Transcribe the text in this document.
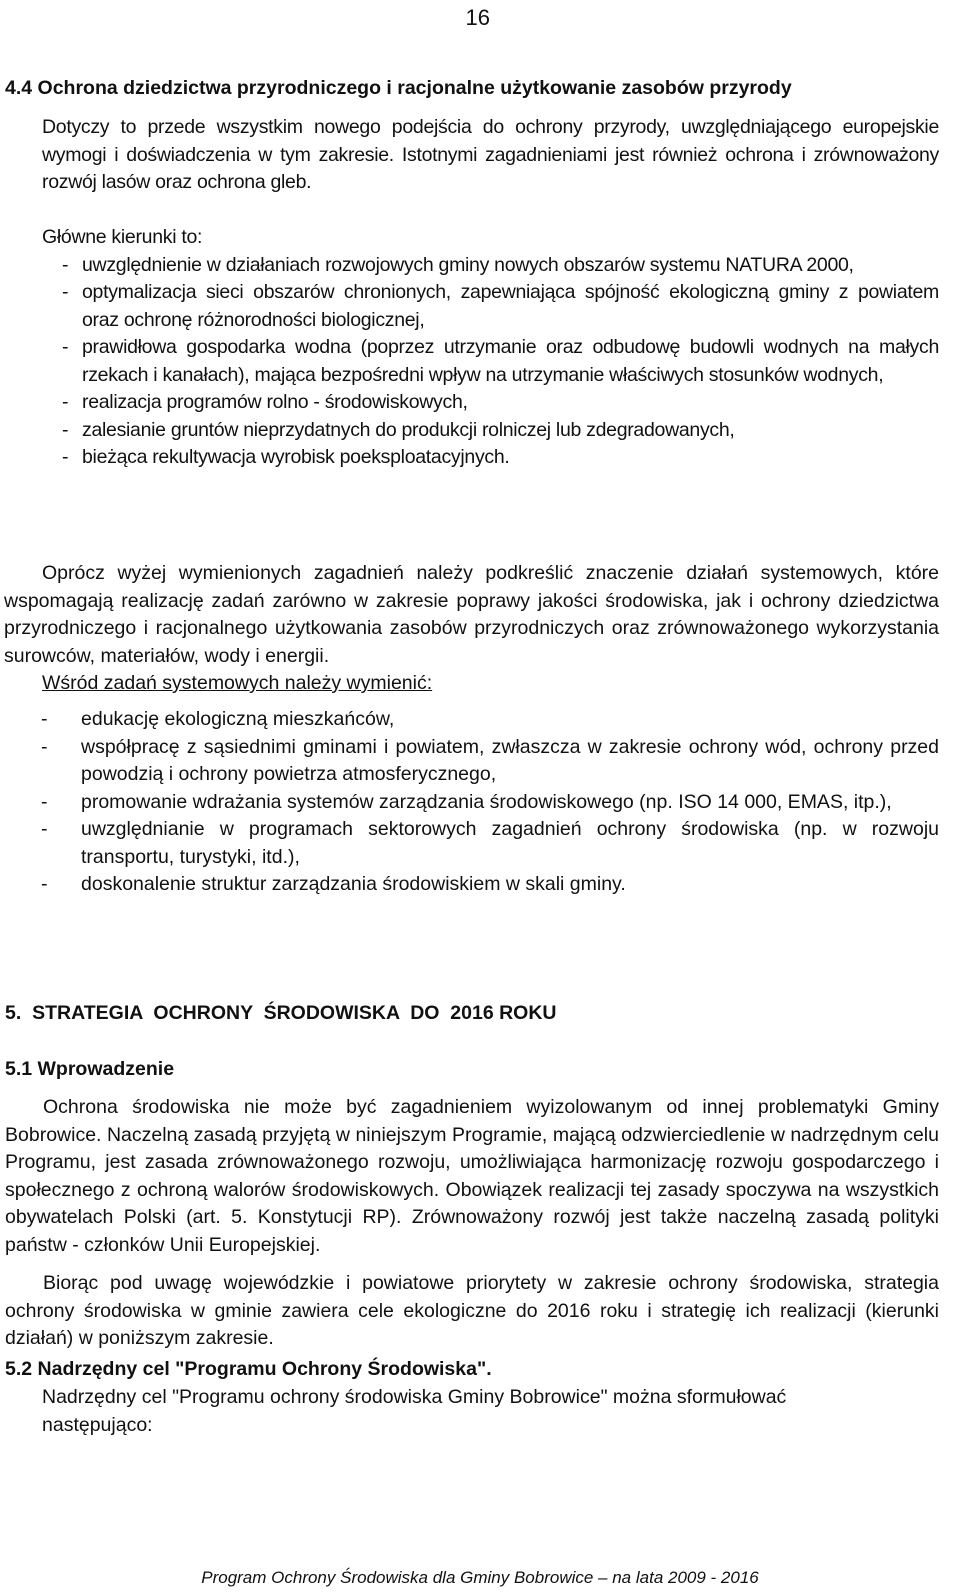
16
4.4 Ochrona dziedzictwa przyrodniczego i racjonalne użytkowanie zasobów przyrody
Dotyczy to przede wszystkim nowego podejścia do ochrony przyrody, uwzględniającego europejskie wymogi i doświadczenia w tym zakresie. Istotnymi zagadnieniami jest również ochrona i zrównoważony rozwój lasów oraz ochrona gleb.
Główne kierunki to:
- uwzględnienie w działaniach rozwojowych gminy nowych obszarów systemu NATURA 2000,
- optymalizacja sieci obszarów chronionych, zapewniająca spójność ekologiczną gminy z powiatem oraz ochronę różnorodności biologicznej,
- prawidłowa gospodarka wodna (poprzez utrzymanie oraz odbudowę budowli wodnych na małych rzekach i kanałach), mająca bezpośredni wpływ na utrzymanie właściwych stosunków wodnych,
- realizacja programów rolno - środowiskowych,
- zalesianie gruntów nieprzydatnych do produkcji rolniczej lub zdegradowanych,
- bieżąca rekultywacja wyrobisk poeksploatacyjnych.
Oprócz wyżej wymienionych zagadnień należy podkreślić znaczenie działań systemowych, które wspomagają realizację zadań zarówno w zakresie poprawy jakości środowiska, jak i ochrony dziedzictwa przyrodniczego i racjonalnego użytkowania zasobów przyrodniczych oraz zrównoważonego wykorzystania surowców, materiałów, wody i energii.
Wśród zadań systemowych należy wymienić:
- edukację ekologiczną mieszkańców,
- współpracę z sąsiednimi gminami i powiatem, zwłaszcza w zakresie ochrony wód, ochrony przed powodzią i ochrony powietrza atmosferycznego,
- promowanie wdrażania systemów zarządzania środowiskowego (np. ISO 14 000, EMAS, itp.),
- uwzględnianie w programach sektorowych zagadnień ochrony środowiska (np. w rozwoju transportu, turystyki, itd.),
- doskonalenie struktur zarządzania środowiskiem w skali gminy.
5.  STRATEGIA  OCHRONY  ŚRODOWISKA  DO  2016 ROKU
5.1 Wprowadzenie
Ochrona środowiska nie może być zagadnieniem wyizolowanym od innej problematyki Gminy Bobrowice. Naczelną zasadą przyjętą w niniejszym Programie, mającą odzwierciedlenie w nadrzędnym celu Programu, jest zasada zrównoważonego rozwoju, umożliwiająca harmonizację rozwoju gospodarczego i społecznego z ochroną walorów środowiskowych. Obowiązek realizacji tej zasady spoczywa na wszystkich obywatelach Polski (art. 5. Konstytucji RP). Zrównoważony rozwój jest także naczelną zasadą polityki państw - członków Unii Europejskiej.
Biorąc pod uwagę wojewódzkie i powiatowe priorytety w zakresie ochrony środowiska, strategia ochrony środowiska w gminie zawiera cele ekologiczne do 2016 roku i strategię ich realizacji (kierunki działań) w poniższym zakresie.
5.2 Nadrzędny cel "Programu Ochrony Środowiska".
Nadrzędny cel "Programu ochrony środowiska Gminy Bobrowice" można sformułować następująco:
Program Ochrony Środowiska dla Gminy Bobrowice – na lata 2009 - 2016
